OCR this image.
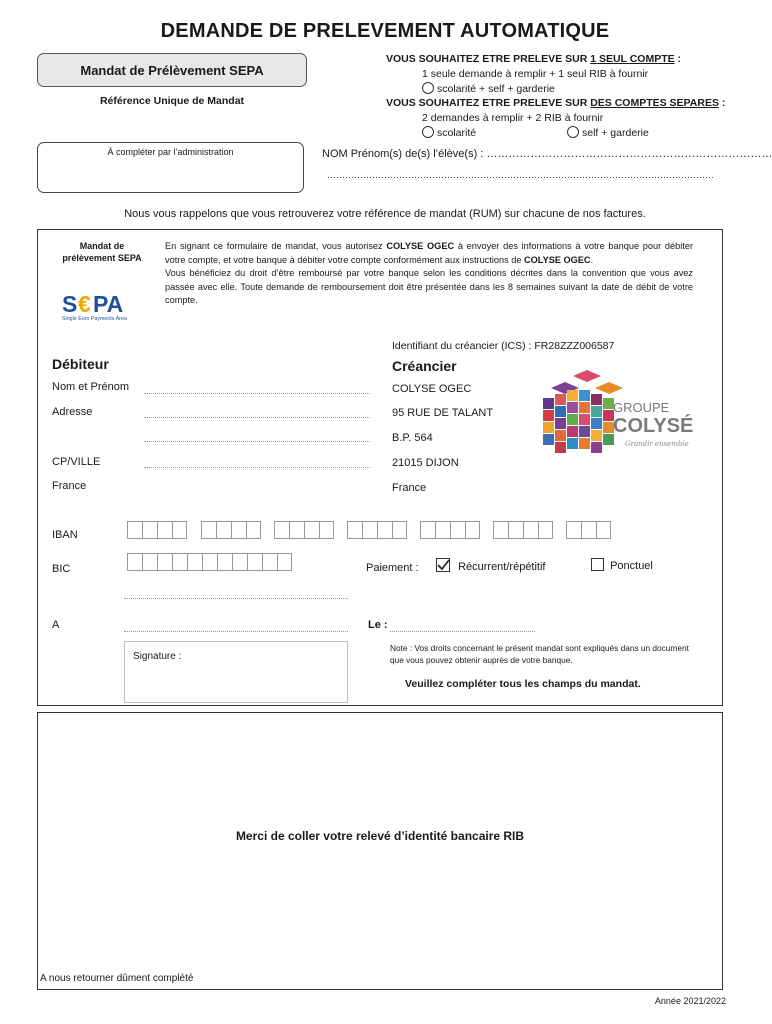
DEMANDE DE PRELEVEMENT AUTOMATIQUE
Mandat de Prélèvement SEPA
Référence Unique de Mandat
À compléter par l’administration
VOUS SOUHAITEZ ETRE PRELEVE SUR 1 SEUL COMPTE :
1 seule demande à remplir + 1 seul RIB à fournir
scolarité + self + garderie
VOUS SOUHAITEZ ETRE PRELEVE SUR DES COMPTES SEPARES :
2 demandes à remplir + 2 RIB à fournir
scolarité	self + garderie
NOM Prénom(s) de(s) l’élève(s) : ……………………………………………………………………
…………………………………………………………………………………………………………………
Nous vous rappelons que vous retrouverez votre référence de mandat (RUM) sur chacune de nos factures.
Mandat de prélèvement SEPA
S € PA
Single Euro Payments Area
En signant ce formulaire de mandat, vous autorisez COLYSE OGEC à envoyer des informations à votre banque pour débiter votre compte, et votre banque à débiter votre compte conformément aux instructions de COLYSE OGEC.
Vous bénéficiez du droit d’être remboursé par votre banque selon les conditions décrites dans la convention que vous avez passée avec elle. Toute demande de remboursement doit être présentée dans les 8 semaines suivant la date de débit de votre compte.
Identifiant du créancier (ICS) : FR28ZZZ006587
Débiteur	Créancier
Nom et Prénom
Adresse
CP/VILLE
France
COLYSE OGEC
95 RUE DE TALANT
B.P. 564
21015 DIJON
France
GROUPE
COLYSÉ
Grandir ensemble
IBAN
BIC	Paiement :	Récurrent/répétitif	Ponctuel
A	Le :
Signature :
Note : Vos droits concernant le présent mandat sont expliqués dans un document que vous pouvez obtenir auprès de votre banque.
Veuillez compléter tous les champs du mandat.
Merci de coller votre relevé d’identité bancaire RIB
A nous retourner dûment complété
Année 2021/2022
